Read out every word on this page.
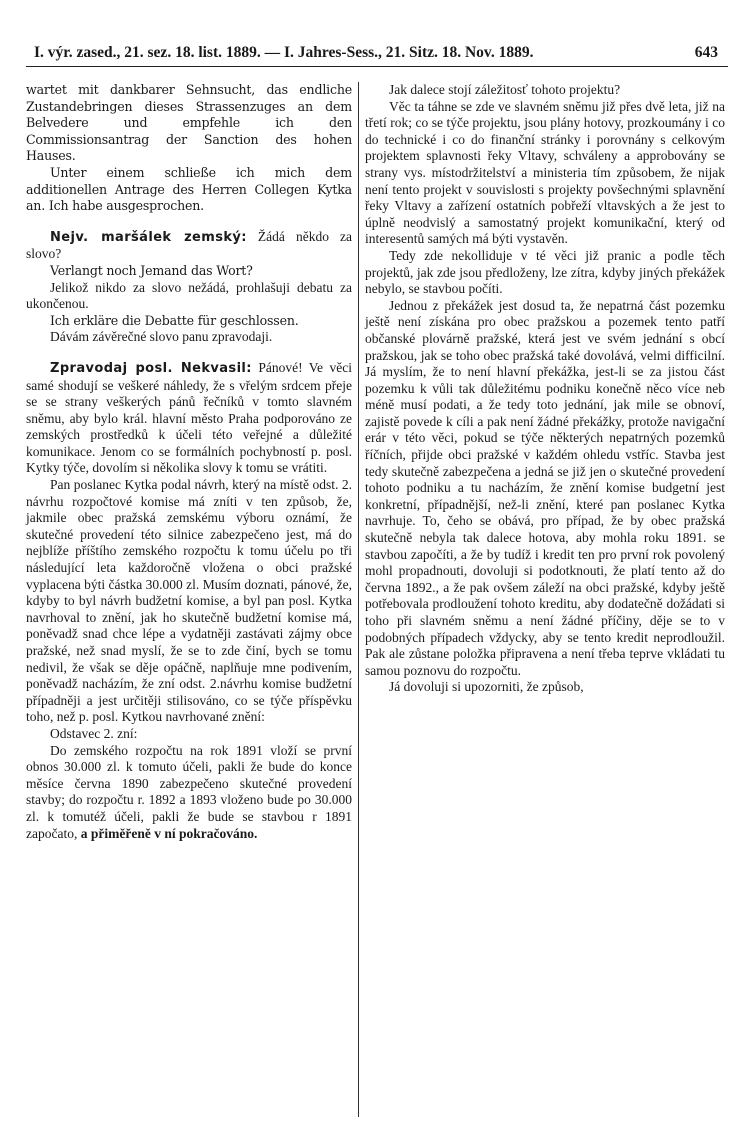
I. výr. zased., 21. sez. 18. list. 1889. — I. Jahres-Sess., 21. Sitz. 18. Nov. 1889.	643

wartet mit dankbarer Sehnsucht, das endliche Zustandebringen dieses Strassenzuges an dem Belvedere und empfehle ich den Commissionsantrag der Sanction des hohen Hauses.

Unter einem schließe ich mich dem additionellen Antrage des Herren Collegen Kytka an. Ich habe ausgesprochen.

Nejv. maršálek zemský: Žádá někdo za slovo?

Verlangt noch Jemand das Wort?

Jelikož nikdo za slovo nežádá, prohlašuji debatu za ukončenou.

Ich erkläre die Debatte für geschlossen.

Dávám závěrečné slovo panu zpravodaji.

Zpravodaj posl. Nekvasil: Pánové! Ve věci samé shodují se veškeré náhledy, že s vřelým srdcem přeje se se strany veškerých pánů řečníků v tomto slavném sněmu, aby bylo král. hlavní město Praha podporováno ze zemských prostředků k účeli této veřejné a důležité komunikace. Jenom co se formálních pochybností p. posl. Kytky týče, dovolím si několika slovy k tomu se vrátiti.

Pan poslanec Kytka podal návrh, který na místě odst. 2. návrhu rozpočtové komise má zníti v ten způsob, že, jakmile obec pražská zemskému výboru oznámí, že skutečné provedení této silnice zabezpečeno jest, má do nejblíže příštího zemského rozpočtu k tomu účelu po tři následující leta každoročně vložena o obci pražské vyplacena býti částka 30.000 zl. Musím doznati, pánové, že, kdyby to byl návrh budžetní komise, a byl pan posl. Kytka navrhoval to znění, jak ho skutečně budžetní komise má, poněvadž snad chce lépe a vydatněji zastávati zájmy obce pražské, než snad myslí, že se to zde činí, bych se tomu nedivil, že však se děje opáčně, naplňuje mne podivením, poněvadž nacházím, že zní odst. 2.návrhu komise budžetní případněji a jest určitěji stilisováno, co se týče příspěvku toho, než p. posl. Kytkou navrhované znění:

Odstavec 2. zní:

Do zemského rozpočtu na rok 1891 vloží se první obnos 30.000 zl. k tomuto účeli, pakli že bude do konce měsíce června 1890 zabezpečeno skutečné provedení stavby; do rozpočtu r. 1892 a 1893 vloženo bude po 30.000 zl. k tomutéž účeli, pakli že bude se stavbou r 1891 započato, a přiměřeně v ní pokračováno.

Jak dalece stojí záležitosť tohoto projektu?

Věc ta táhne se zde ve slavném sněmu již přes dvě leta, již na třetí rok; co se týče projektu, jsou plány hotovy, prozkoumány i co do technické i co do finanční stránky i porovnány s celkovým projektem splavnosti řeky Vltavy, schváleny a approbovány se strany vys. místodržitelství a ministeria tím způsobem, že nijak není tento projekt v souvislosti s projekty povšechnými splavnění řeky Vltavy a zařízení ostatních pobřeží vltavských a že jest to úplně neodvislý a samostatný projekt komunikační, který od interesentů samých má býti vystavěn.

Tedy zde nekolliduje v té věci již pranic a podle těch projektů, jak zde jsou předloženy, lze zítra, kdyby jiných překážek nebylo, se stavbou počíti.

Jednou z překážek jest dosud ta, že nepatrná část pozemku ještě není získána pro obec pražskou a pozemek tento patří občanské plovárně pražské, která jest ve svém jednání s obcí pražskou, jak se toho obec pražská také dovolává, velmi difficilní. Já myslím, že to není hlavní překážka, jest-li se za jistou část pozemku k vůli tak důležitému podniku konečně něco více neb méně musí podati, a že tedy toto jednání, jak mile se obnoví, zajistě povede k cíli a pak není žádné překážky, protože navigační erár v této věci, pokud se týče některých nepatrných pozemků říčních, přijde obci pražské v každém ohledu vstříc. Stavba jest tedy skutečně zabezpečena a jedná se již jen o skutečné provedení tohoto podniku a tu nacházím, že znění komise budgetní jest konkretní, případnější, než-li znění, které pan poslanec Kytka navrhuje. To, čeho se obává, pro případ, že by obec pražská skutečně nebyla tak dalece hotova, aby mohla roku 1891. se stavbou započíti, a že by tudíž i kredit ten pro první rok povolený mohl propadnouti, dovoluji si podotknouti, že platí tento až do června 1892., a že pak ovšem záleží na obci pražské, kdyby ještě potřebovala prodloužení tohoto kreditu, aby dodatečně dožádati si toho při slavném sněmu a není žádné příčiny, děje se to v podobných případech vždycky, aby se tento kredit neprodloužil. Pak ale zůstane položka připravena a není třeba teprve vkládati tu samou poznovu do rozpočtu.

Já dovoluji si upozorniti, že způsob,
